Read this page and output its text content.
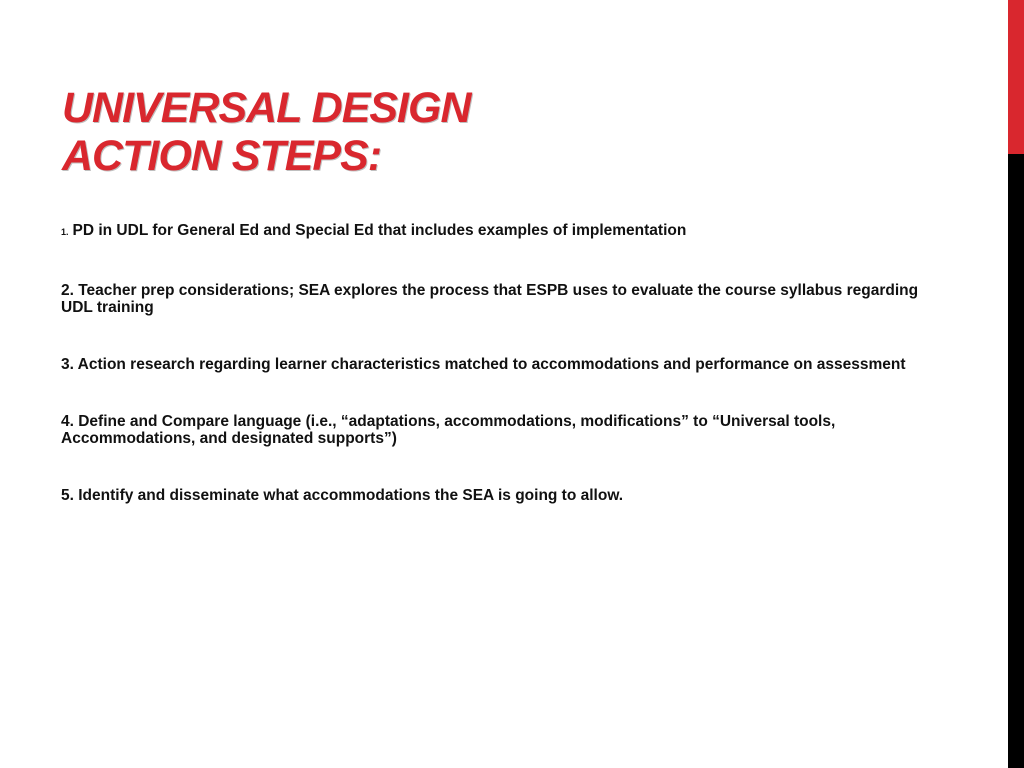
UNIVERSAL DESIGN
ACTION STEPS:

1. PD in UDL for General Ed and Special Ed that includes examples of implementation

2. Teacher prep considerations; SEA explores the process that ESPB uses to evaluate the course syllabus regarding UDL training

3. Action research regarding learner characteristics matched to accommodations and performance on assessment

4. Define and Compare language (i.e., “adaptations, accommodations, modifications” to “Universal tools, Accommodations, and designated supports”)

5. Identify and disseminate what accommodations the SEA is going to allow.
